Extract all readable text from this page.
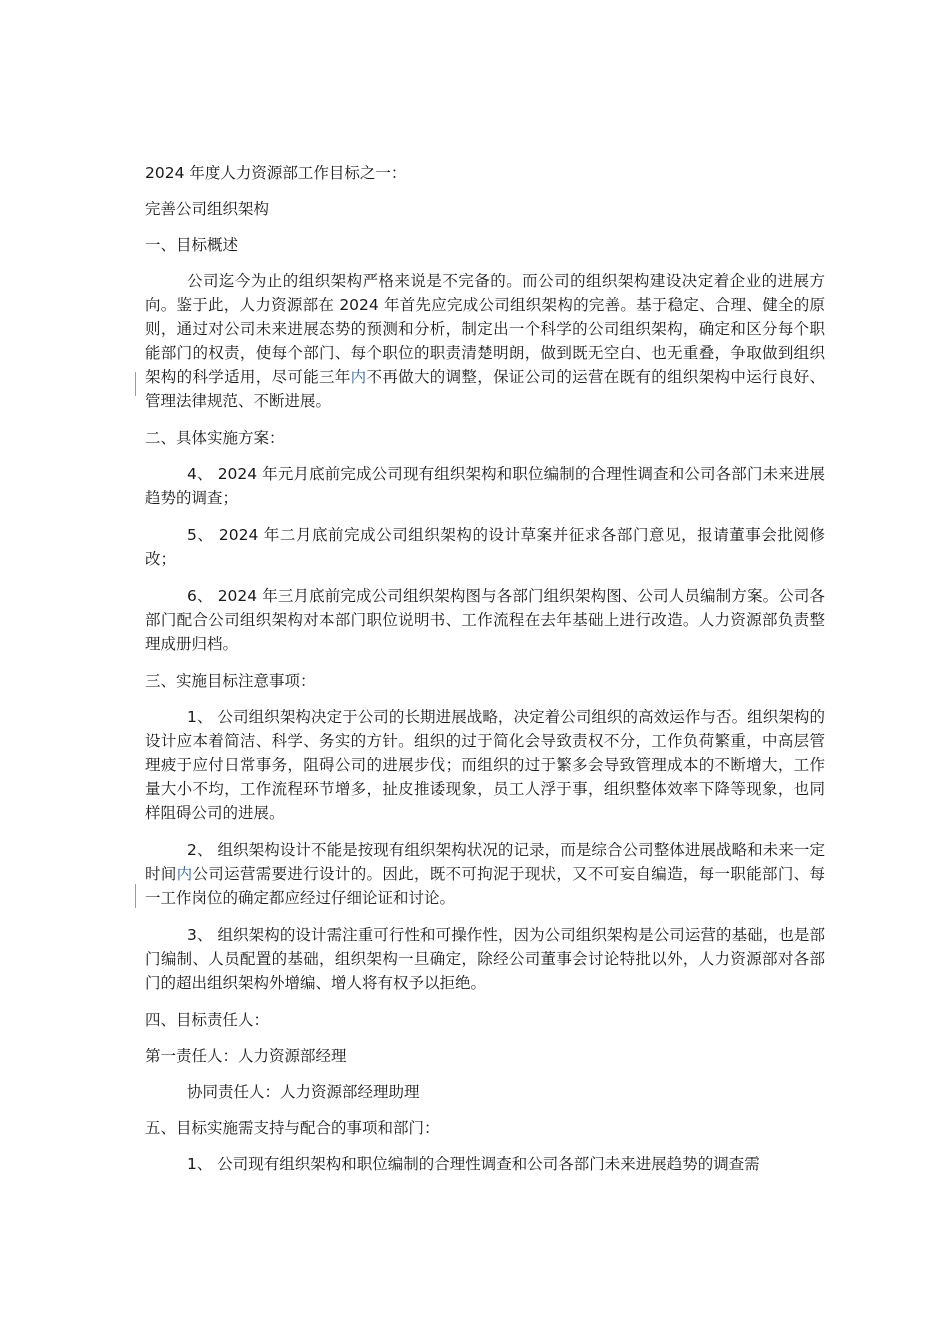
2024 年度人力资源部工作目标之一：
完善公司组织架构
一、目标概述
公司迄今为止的组织架构严格来说是不完备的。而公司的组织架构建设决定着企业的进展方向。鉴于此，人力资源部在 2024 年首先应完成公司组织架构的完善。基于稳定、合理、健全的原则，通过对公司未来进展态势的预测和分析，制定出一个科学的公司组织架构，确定和区分每个职能部门的权责，使每个部门、每个职位的职责清楚明朗，做到既无空白、也无重叠，争取做到组织架构的科学适用，尽可能三年内不再做大的调整，保证公司的运营在既有的组织架构中运行良好、管理法律规范、不断进展。
二、具体实施方案：
4、 2024 年元月底前完成公司现有组织架构和职位编制的合理性调查和公司各部门未来进展趋势的调查；
5、 2024 年二月底前完成公司组织架构的设计草案并征求各部门意见，报请董事会批阅修改；
6、 2024 年三月底前完成公司组织架构图与各部门组织架构图、公司人员编制方案。公司各部门配合公司组织架构对本部门职位说明书、工作流程在去年基础上进行改造。人力资源部负责整理成册归档。
三、实施目标注意事项：
1、 公司组织架构决定于公司的长期进展战略，决定着公司组织的高效运作与否。组织架构的设计应本着简洁、科学、务实的方针。组织的过于简化会导致责权不分，工作负荷繁重，中高层管理疲于应付日常事务，阻碍公司的进展步伐；而组织的过于繁多会导致管理成本的不断增大，工作量大小不均，工作流程环节增多，扯皮推诿现象，员工人浮于事，组织整体效率下降等现象，也同样阻碍公司的进展。
2、 组织架构设计不能是按现有组织架构状况的记录，而是综合公司整体进展战略和未来一定时间内公司运营需要进行设计的。因此，既不可拘泥于现状，又不可妄自编造，每一职能部门、每一工作岗位的确定都应经过仔细论证和讨论。
3、 组织架构的设计需注重可行性和可操作性，因为公司组织架构是公司运营的基础，也是部门编制、人员配置的基础，组织架构一旦确定，除经公司董事会讨论特批以外，人力资源部对各部门的超出组织架构外增编、增人将有权予以拒绝。
四、目标责任人：
第一责任人：人力资源部经理
协同责任人：人力资源部经理助理
五、目标实施需支持与配合的事项和部门：
1、 公司现有组织架构和职位编制的合理性调查和公司各部门未来进展趋势的调查需
